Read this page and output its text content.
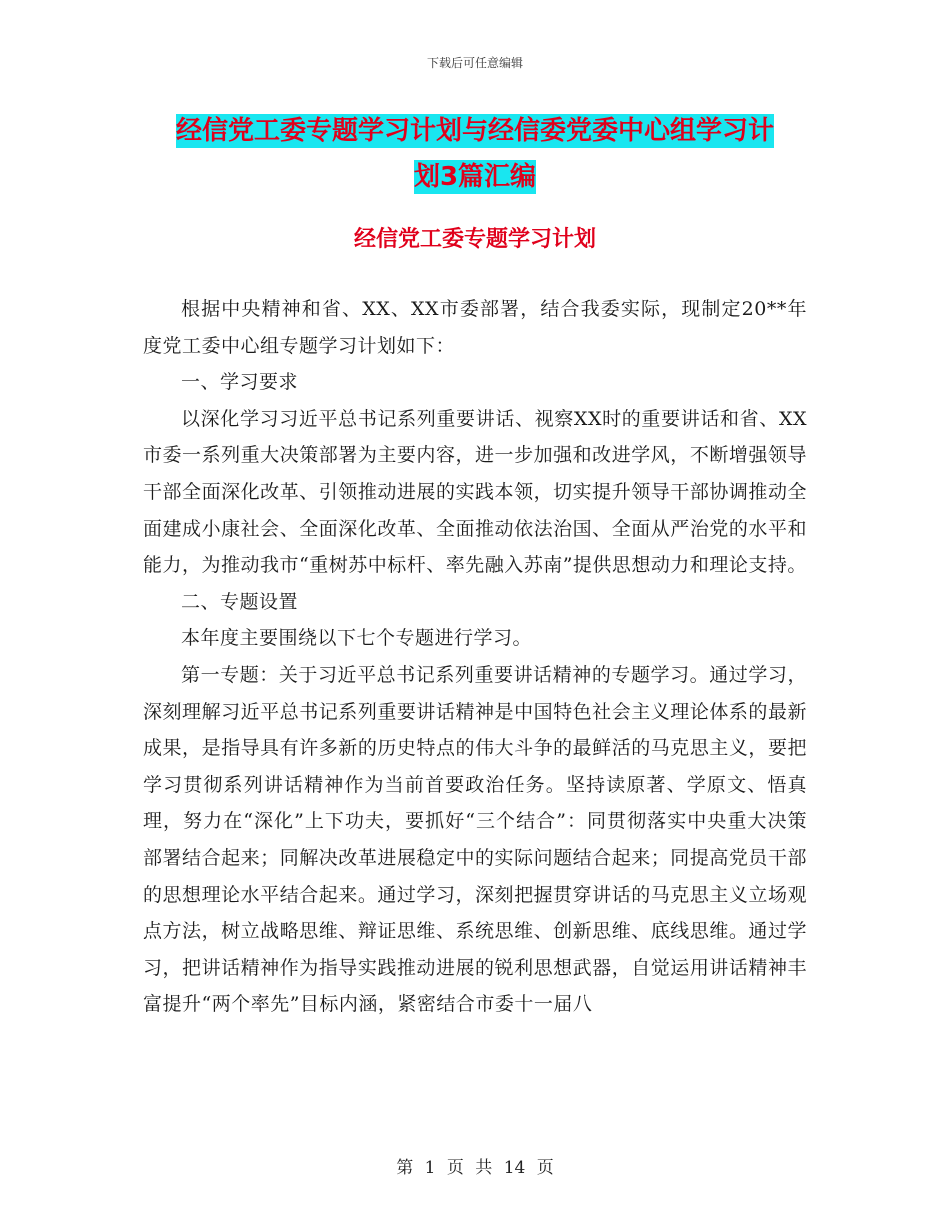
下载后可任意编辑
经信党工委专题学习计划与经信委党委中心组学习计
划3篇汇编
经信党工委专题学习计划

根据中央精神和省、XX、XX市委部署，结合我委实际，现制定20**年度党工委中心组专题学习计划如下：

一、学习要求

以深化学习习近平总书记系列重要讲话、视察XX时的重要讲话和省、XX市委一系列重大决策部署为主要内容，进一步加强和改进学风，不断增强领导干部全面深化改革、引领推动进展的实践本领，切实提升领导干部协调推动全面建成小康社会、全面深化改革、全面推动依法治国、全面从严治党的水平和能力，为推动我市“重树苏中标杆、率先融入苏南”提供思想动力和理论支持。

二、专题设置

本年度主要围绕以下七个专题进行学习。

第一专题：关于习近平总书记系列重要讲话精神的专题学习。通过学习，深刻理解习近平总书记系列重要讲话精神是中国特色社会主义理论体系的最新成果，是指导具有许多新的历史特点的伟大斗争的最鲜活的马克思主义，要把学习贯彻系列讲话精神作为当前首要政治任务。坚持读原著、学原文、悟真理，努力在“深化”上下功夫，要抓好“三个结合”：同贯彻落实中央重大决策部署结合起来；同解决改革进展稳定中的实际问题结合起来；同提高党员干部的思想理论水平结合起来。通过学习，深刻把握贯穿讲话的马克思主义立场观点方法，树立战略思维、辩证思维、系统思维、创新思维、底线思维。通过学习，把讲话精神作为指导实践推动进展的锐利思想武器，自觉运用讲话精神丰富提升“两个率先”目标内涵，紧密结合市委十一届八

第 1 页 共 14 页
